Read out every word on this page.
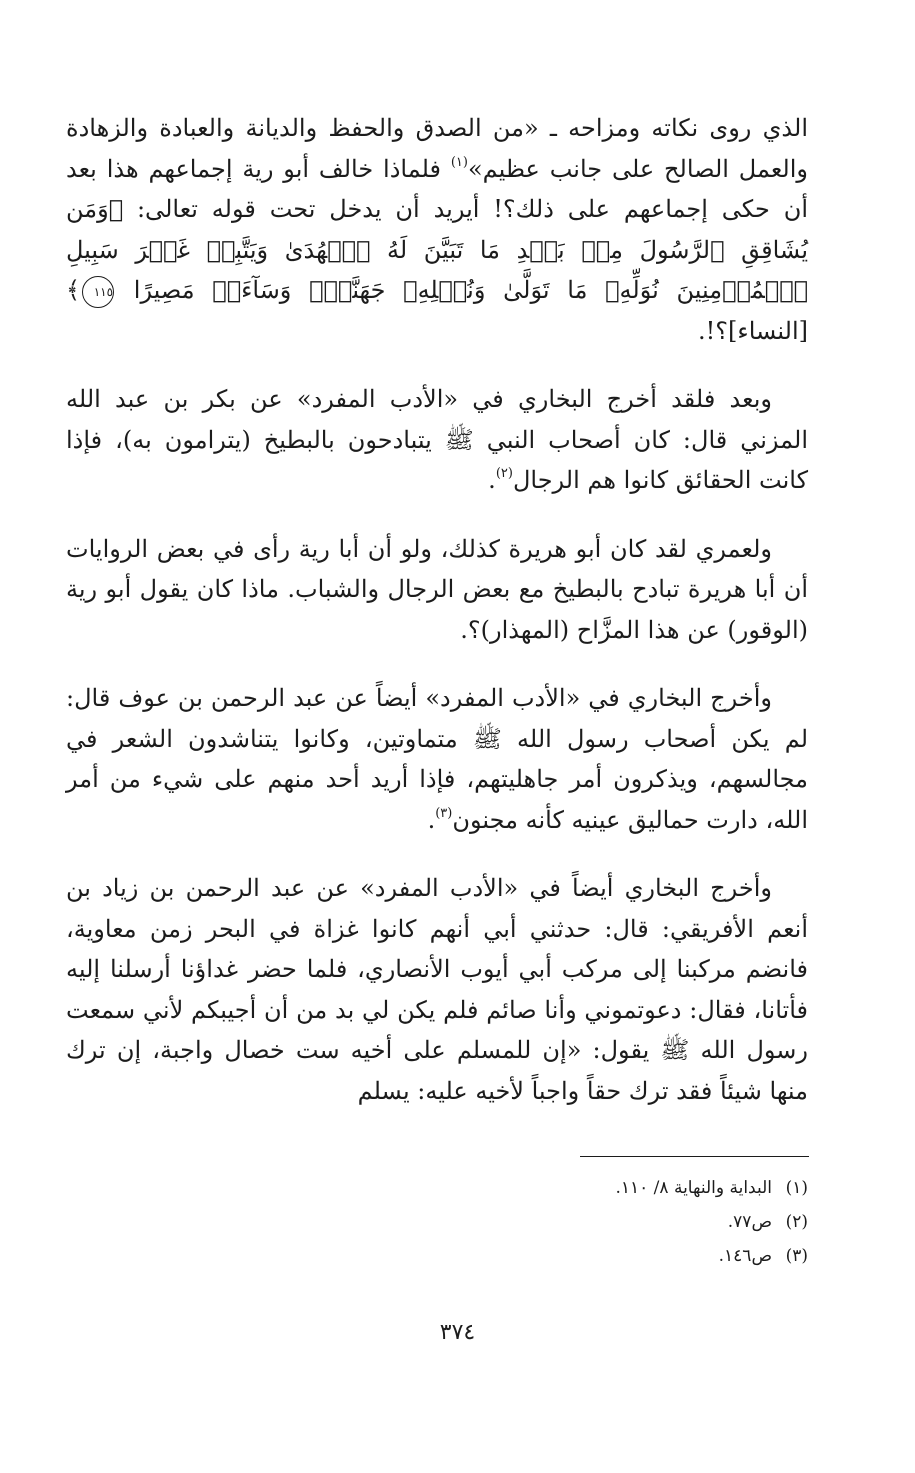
الذي روى نكاته ومزاحه ـ «من الصدق والحفظ والديانة والعبادة والزهادة والعمل الصالح على جانب عظيم»$^{(١)}$ فلماذا خالف أبو رية إجماعهم هذا بعد أن حكى إجماعهم على ذلك؟! أيريد أن يدخل تحت قوله تعالى: ﴿وَمَن يُشَاقِقِ ٱلرَّسُولَ مِنۢ بَعۡدِ مَا تَبَيَّنَ لَهُ ٱلۡهُدَىٰ وَيَتَّبِعۡ غَيۡرَ سَبِيلِ ٱلۡمُؤۡمِنِينَ نُوَلِّهِۦ مَا تَوَلَّىٰ وَنُصۡلِهِۦ جَهَنَّمَۖ وَسَآءَتۡ مَصِيرًا ١١٥﴾ [النساء]؟!.

وبعد فلقد أخرج البخاري في «الأدب المفرد» عن بكر بن عبد الله المزني قال: كان أصحاب النبي ﷺ يتبادحون بالبطيخ (يترامون به)، فإذا كانت الحقائق كانوا هم الرجال$^{(٢)}$.

ولعمري لقد كان أبو هريرة كذلك، ولو أن أبا رية رأى في بعض الروايات أن أبا هريرة تبادح بالبطيخ مع بعض الرجال والشباب. ماذا كان يقول أبو رية (الوقور) عن هذا المزَّاح (المهذار)؟.

وأخرج البخاري في «الأدب المفرد» أيضاً عن عبد الرحمن بن عوف قال: لم يكن أصحاب رسول الله ﷺ متماوتين، وكانوا يتناشدون الشعر في مجالسهم، ويذكرون أمر جاهليتهم، فإذا أريد أحد منهم على شيء من أمر الله، دارت حماليق عينيه كأنه مجنون$^{(٣)}$.

وأخرج البخاري أيضاً في «الأدب المفرد» عن عبد الرحمن بن زياد بن أنعم الأفريقي: قال: حدثني أبي أنهم كانوا غزاة في البحر زمن معاوية، فانضم مركبنا إلى مركب أبي أيوب الأنصاري، فلما حضر غداؤنا أرسلنا إليه فأتانا، فقال: دعوتموني وأنا صائم فلم يكن لي بد من أن أجيبكم لأني سمعت رسول الله ﷺ يقول: «إن للمسلم على أخيه ست خصال واجبة، إن ترك منها شيئاً فقد ترك حقاً واجباً لأخيه عليه: يسلم

(١)البداية والنهاية ٨/ ١١٠.
(٢)ص٧٧.
(٣)ص١٤٦.
٣٧٤
